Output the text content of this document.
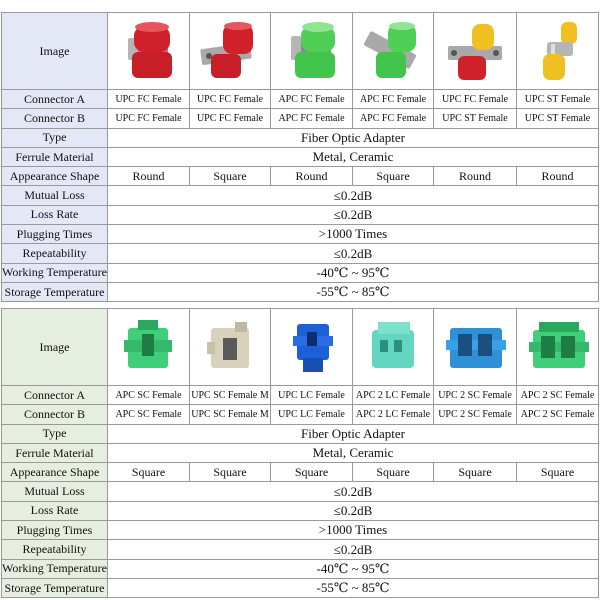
Image	

Connector A	UPC FC Female	UPC FC Female	APC FC Female	APC FC Female	UPC FC Female	UPC ST Female
Connector B	UPC FC Female	UPC FC Female	APC FC Female	APC FC Female	UPC ST Female	UPC ST Female
Type	Fiber Optic Adapter					
Ferrule Material	Metal, Ceramic					
Appearance Shape	Round	Square	Round	Square	Round	Round
Mutual Loss	≤0.2dB					
Loss Rate	≤0.2dB					
Plugging Times	>1000 Times					
Repeatability	≤0.2dB					
Working Temperature	-40℃ ~ 95℃					
Storage Temperature	-55℃ ~ 85℃					
Image	

Connector A	APC SC Female	UPC SC Female M	UPC LC Female	APC 2 LC Female	UPC 2 SC Female	APC 2 SC Female
Connector B	APC SC Female	UPC SC Female M	UPC LC Female	APC 2 LC Female	UPC 2 SC Female	APC 2 SC Female
Type	Fiber Optic Adapter					
Ferrule Material	Metal, Ceramic					
Appearance Shape	Square	Square	Square	Square	Square	Square
Mutual Loss	≤0.2dB					
Loss Rate	≤0.2dB					
Plugging Times	>1000 Times					
Repeatability	≤0.2dB					
Working Temperature	-40℃ ~ 95℃					
Storage Temperature	-55℃ ~ 85℃					
